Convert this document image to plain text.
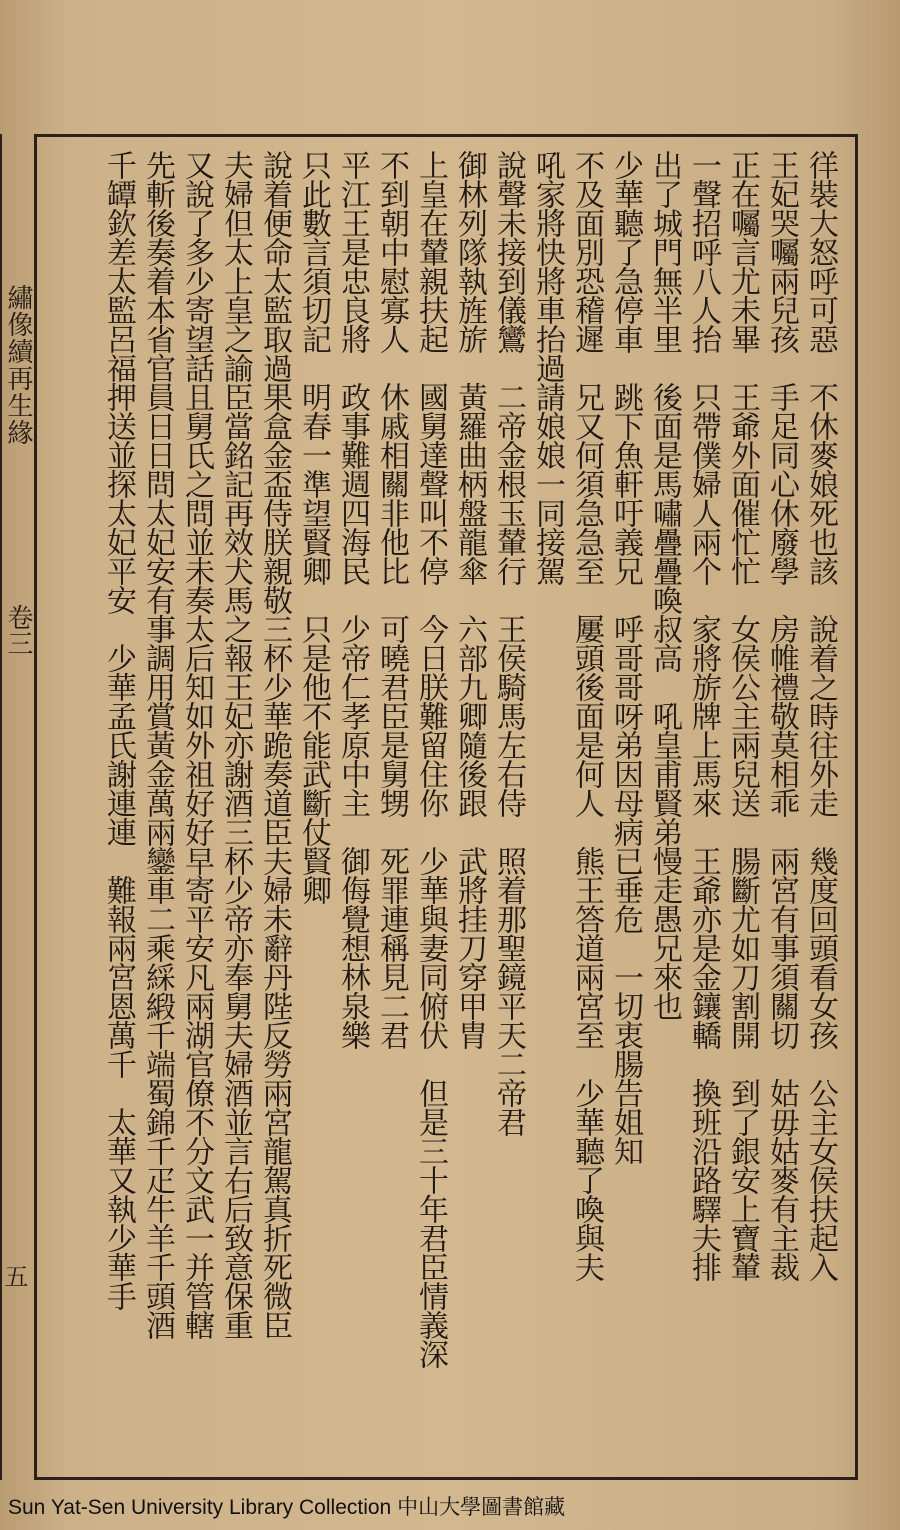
繡像續再生緣
卷三
五	徉裝大怒呼可惡　不休麥娘死也該　說着之時往外走　幾度回頭看女孩　公主女侯扶起入
王妃哭囑兩兒孩　手足同心休廢學　房帷禮敬莫相乖　兩宮有事須關切　姑毋姑麥有主裁
正在囑言尤未畢　王爺外面催忙忙　女侯公主兩兒送　腸斷尤如刀割開　到了銀安上寶輦
一聲招呼八人抬　只帶僕婦人兩个　家將旂牌上馬來　王爺亦是金鑲轎　換班沿路驛夫排
出了城門無半里　後面是馬嘯疊疊喚叔高　吼皇甫賢弟慢走愚兄來也
少華聽了急停車　跳下魚軒吁義兄　呼哥哥呀弟因母病已垂危　一切衷腸告姐知
不及面別恐稽遲　兄又何須急急至　屢頭後面是何人　熊王答道兩宮至　少華聽了喚與夫
吼家將快將車抬過請娘娘一同接駕
說聲未接到儀鸞　二帝金根玉輦行　王侯騎馬左右侍　照着那聖鏡平天二帝君
御林列隊執旌旂　黃羅曲柄盤龍傘　六部九卿隨後跟　武將挂刀穿甲胄
上皇在輦親扶起　國舅達聲叫不停　今日朕難留住你　少華與妻同俯伏　但是三十年君臣情義深
不到朝中慰寡人　休戚相關非他比　可曉君臣是舅甥　死罪連稱見二君
平江王是忠良將　政事難週四海民　少帝仁孝原中主　御侮覺想林泉樂
只此數言須切記　明春一準望賢卿　只是他不能武斷仗賢卿
說着便命太監取過果盒金盃侍朕親敬三杯少華跪奏道臣夫婦未辭丹陛反勞兩宮龍駕真折死微臣
夫婦但太上皇之諭臣當銘記再效犬馬之報王妃亦謝酒三杯少帝亦奉舅夫婦酒並言右后致意保重
又說了多少寄望話且舅氏之問並未奏太后知如外祖好好早寄平安凡兩湖官僚不分文武一并管轄
先斬後奏着本省官員日日問太妃安有事調用賞黃金萬兩鑾車二乘綵緞千端蜀錦千疋牛羊千頭酒
千罈欽差太監呂福押送並探太妃平安　少華孟氏謝連連　難報兩宮恩萬千　太華又執少華手
Sun Yat-Sen University Library Collection 中山大學圖書館藏
